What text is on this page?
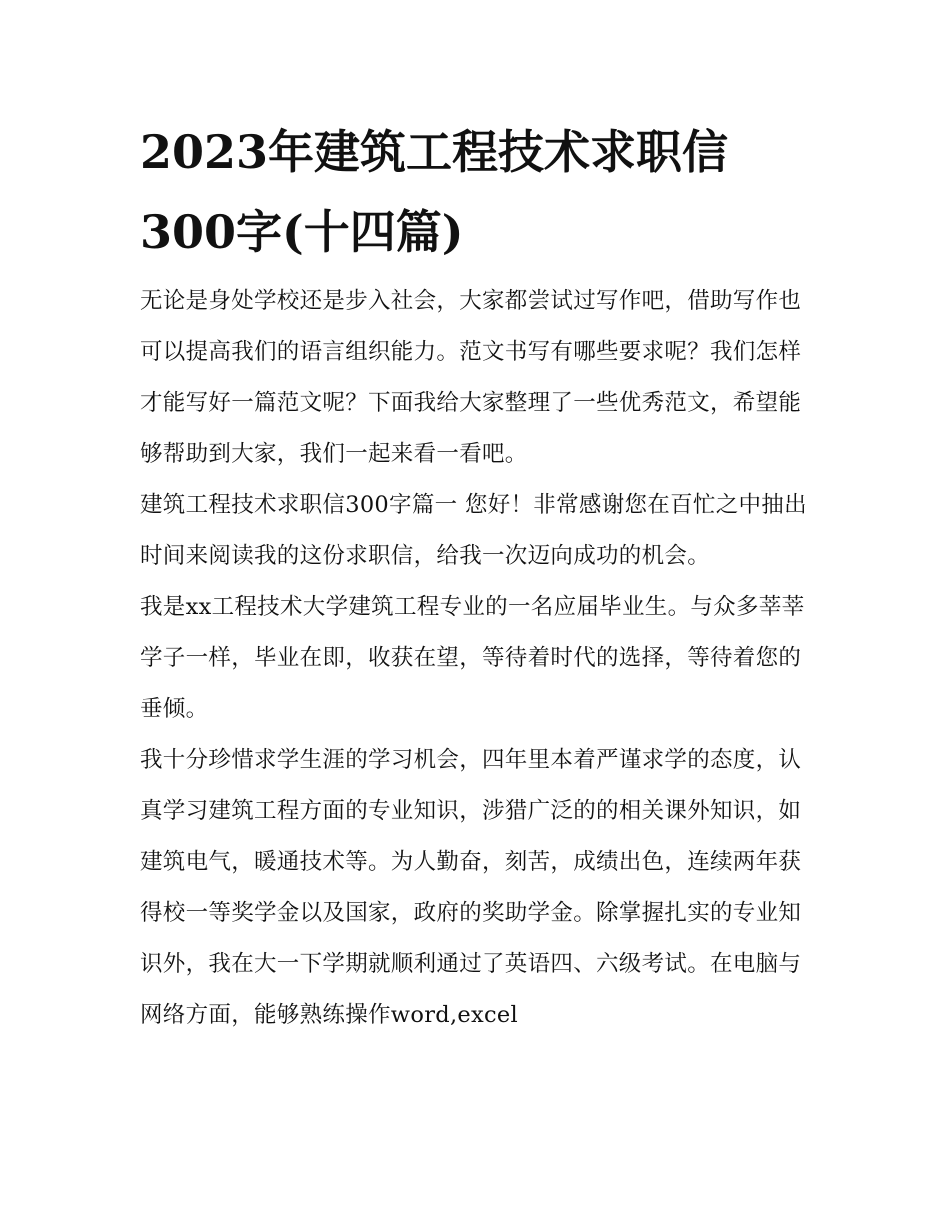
2023年建筑工程技术求职信300字(十四篇)

无论是身处学校还是步入社会，大家都尝试过写作吧，借助写作也可以提高我们的语言组织能力。范文书写有哪些要求呢？我们怎样才能写好一篇范文呢？下面我给大家整理了一些优秀范文，希望能够帮助到大家，我们一起来看一看吧。

建筑工程技术求职信300字篇一 您好！非常感谢您在百忙之中抽出时间来阅读我的这份求职信，给我一次迈向成功的机会。

我是xx工程技术大学建筑工程专业的一名应届毕业生。与众多莘莘学子一样，毕业在即，收获在望，等待着时代的选择，等待着您的垂倾。

我十分珍惜求学生涯的学习机会，四年里本着严谨求学的态度，认真学习建筑工程方面的专业知识，涉猎广泛的的相关课外知识，如建筑电气，暖通技术等。为人勤奋，刻苦，成绩出色，连续两年获得校一等奖学金以及国家，政府的奖助学金。除掌握扎实的专业知识外，我在大一下学期就顺利通过了英语四、六级考试。在电脑与网络方面，能够熟练操作word,excel
